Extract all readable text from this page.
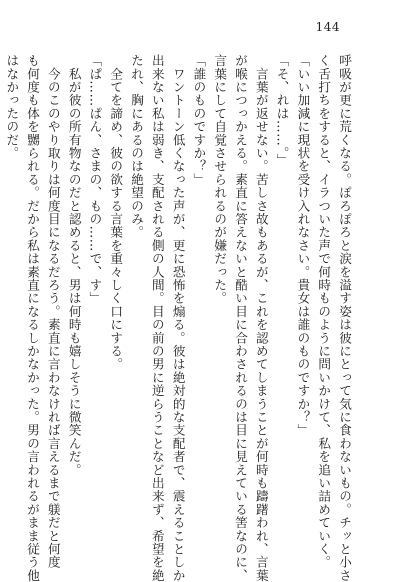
144
呼吸が更に荒くなる。ぽろぽろと涙を溢す姿は彼にとって気に食わないもの。チッと小さ
く舌打ちをすると、イラついた声で何時ものように問いかけて、私を追い詰めていく。
「いい加減に現状を受け入れなさい。貴女は誰のものですか？」
「そ、れは……。」
　言葉が返せない。苦しさ故もあるが、これを認めてしまうことが何時も躊躇われ、言葉
が喉につっかえる。素直に答えないと酷い目に合わされるのは目に見えている筈なのに、
言葉にして自覚させられるのが嫌だった。
「誰のものですか？」
　ワントーン低くなった声が、更に恐怖を煽る。彼は絶対的な支配者で、震えることしか
出来ない私は弱き、支配される側の人間。目の前の男に逆らうことなど出来ず、希望を絶
たれ、胸にあるのは絶望のみ。
　全てを諦め、彼の欲する言葉を重々しく口にする。
「ぱ……ぱん、さまの、もの……で、す」
　私が彼の所有物なのだと認めると、男は何時も嬉しそうに微笑んだ。
　今のこのやり取りは何度目になるだろう。素直に言わなければ言えるまで躾だと何度
も何度も体を嬲られる。だから私は素直になるしかなかった。男の言われるがまま従う他
はなかったのだ。
